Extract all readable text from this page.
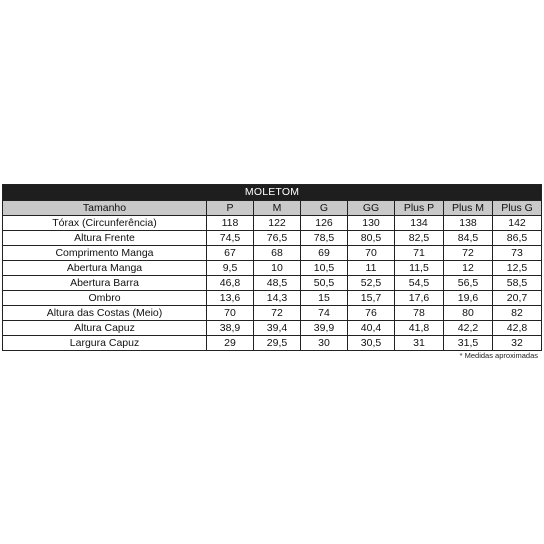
MOLETOM							
Tamanho	P	M	G	GG	Plus P	Plus M	Plus G
Tórax (Circunferência)	118	122	126	130	134	138	142
Altura Frente	74,5	76,5	78,5	80,5	82,5	84,5	86,5
Comprimento Manga	67	68	69	70	71	72	73
Abertura Manga	9,5	10	10,5	11	11,5	12	12,5
Abertura Barra	46,8	48,5	50,5	52,5	54,5	56,5	58,5
Ombro	13,6	14,3	15	15,7	17,6	19,6	20,7
Altura das Costas (Meio)	70	72	74	76	78	80	82
Altura Capuz	38,9	39,4	39,9	40,4	41,8	42,2	42,8
Largura Capuz	29	29,5	30	30,5	31	31,5	32
* Medidas aproximadas
